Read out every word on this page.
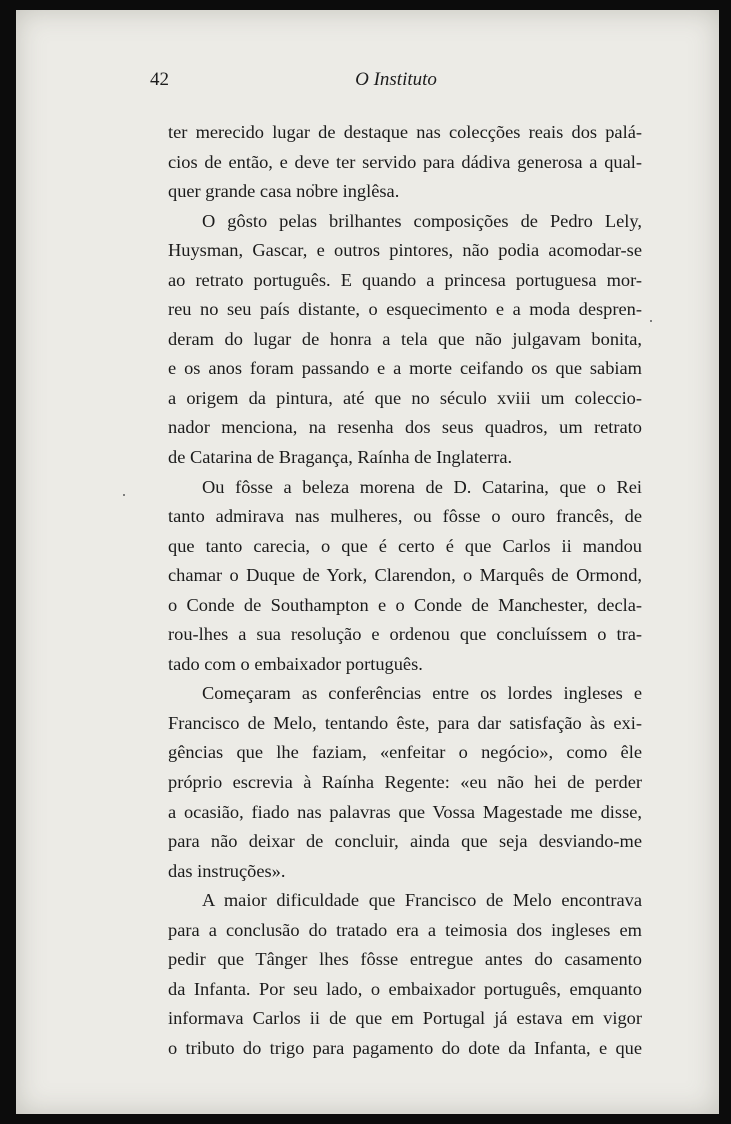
42	O Instituto
ter merecido lugar de destaque nas colecções reais dos palá-
cios de então, e deve ter servido para dádiva generosa a qual-
quer grande casa nobre inglêsa.
O gôsto pelas brilhantes composições de Pedro Lely,
Huysman, Gascar, e outros pintores, não podia acomodar-se
ao retrato português. E quando a princesa portuguesa mor-
reu no seu país distante, o esquecimento e a moda despren-
deram do lugar de honra a tela que não julgavam bonita,
e os anos foram passando e a morte ceifando os que sabiam
a origem da pintura, até que no século xviii um coleccio-
nador menciona, na resenha dos seus quadros, um retrato
de Catarina de Bragança, Raínha de Inglaterra.
Ou fôsse a beleza morena de D. Catarina, que o Rei
tanto admirava nas mulheres, ou fôsse o ouro francês, de
que tanto carecia, o que é certo é que Carlos ii mandou
chamar o Duque de York, Clarendon, o Marquês de Ormond,
o Conde de Southampton e o Conde de Manchester, decla-
rou-lhes a sua resolução e ordenou que concluíssem o tra-
tado com o embaixador português.
Começaram as conferências entre os lordes ingleses e
Francisco de Melo, tentando êste, para dar satisfação às exi-
gências que lhe faziam, «enfeitar o negócio», como êle
próprio escrevia à Raínha Regente: «eu não hei de perder
a ocasião, fiado nas palavras que Vossa Magestade me disse,
para não deixar de concluir, ainda que seja desviando-me
das instruções».
A maior dificuldade que Francisco de Melo encontrava
para a conclusão do tratado era a teimosia dos ingleses em
pedir que Tânger lhes fôsse entregue antes do casamento
da Infanta. Por seu lado, o embaixador português, emquanto
informava Carlos ii de que em Portugal já estava em vigor
o tributo do trigo para pagamento do dote da Infanta, e que
